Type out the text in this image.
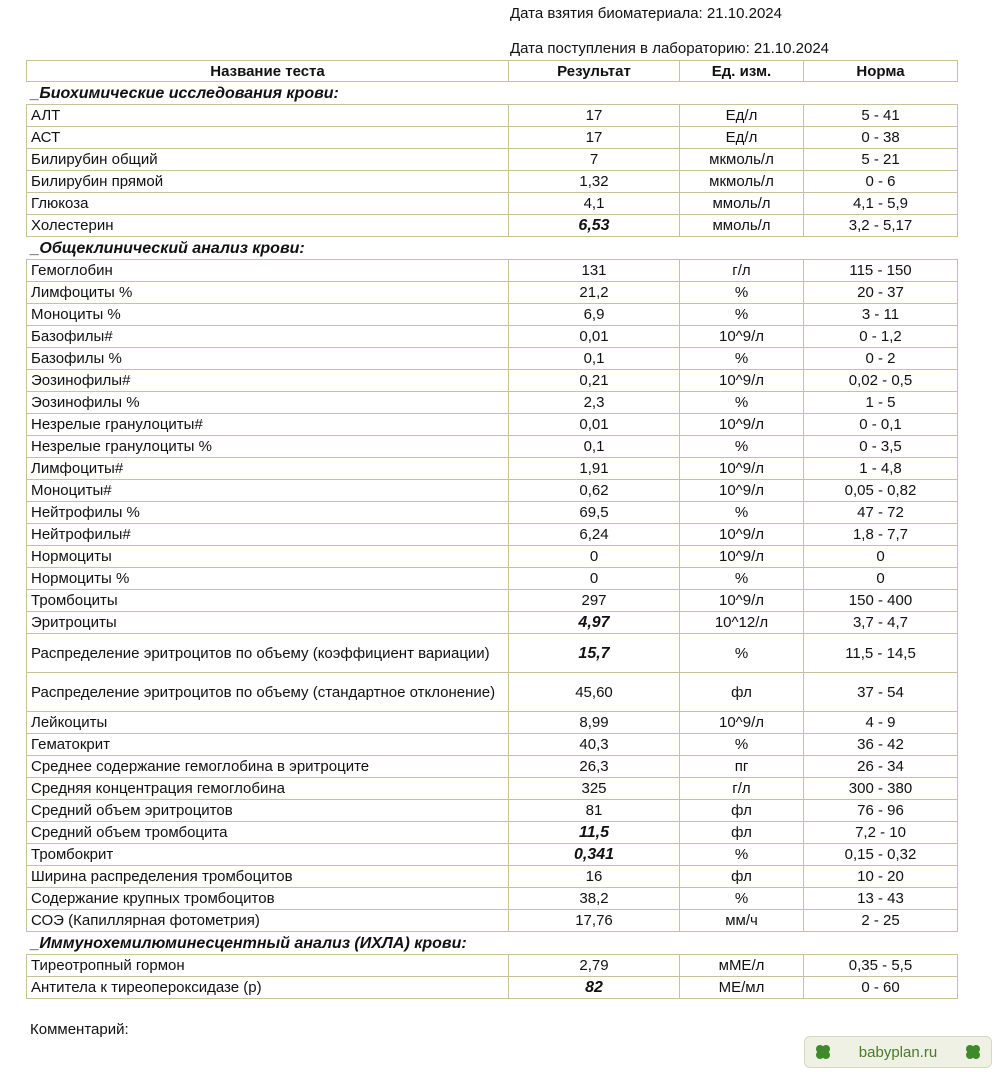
Дата взятия биоматериала: 21.10.2024
Дата поступления в лабораторию: 21.10.2024
Название теста	Результат	Ед. изм.	Норма
_Биохимические исследования крови:			
АЛТ	17	Ед/л	5 - 41
АСТ	17	Ед/л	0 - 38
Билирубин общий	7	мкмоль/л	5 - 21
Билирубин прямой	1,32	мкмоль/л	0 - 6
Глюкоза	4,1	ммоль/л	4,1 - 5,9
Холестерин	6,53	ммоль/л	3,2 - 5,17
_Общеклинический анализ крови:			
Гемоглобин	131	г/л	115 - 150
Лимфоциты %	21,2	%	20 - 37
Моноциты %	6,9	%	3 - 11
Базофилы#	0,01	10^9/л	0 - 1,2
Базофилы %	0,1	%	0 - 2
Эозинофилы#	0,21	10^9/л	0,02 - 0,5
Эозинофилы %	2,3	%	1 - 5
Незрелые гранулоциты#	0,01	10^9/л	0 - 0,1
Незрелые гранулоциты %	0,1	%	0 - 3,5
Лимфоциты#	1,91	10^9/л	1 - 4,8
Моноциты#	0,62	10^9/л	0,05 - 0,82
Нейтрофилы %	69,5	%	47 - 72
Нейтрофилы#	6,24	10^9/л	1,8 - 7,7
Нормоциты	0	10^9/л	0
Нормоциты %	0	%	0
Тромбоциты	297	10^9/л	150 - 400
Эритроциты	4,97	10^12/л	3,7 - 4,7
Распределение эритроцитов по объему (коэффициент вариации)	15,7	%	11,5 - 14,5
Распределение эритроцитов по объему (стандартное отклонение)	45,60	фл	37 - 54
Лейкоциты	8,99	10^9/л	4 - 9
Гематокрит	40,3	%	36 - 42
Среднее содержание гемоглобина в эритроците	26,3	пг	26 - 34
Средняя концентрация гемоглобина	325	г/л	300 - 380
Средний объем эритроцитов	81	фл	76 - 96
Средний объем тромбоцита	11,5	фл	7,2 - 10
Тромбокрит	0,341	%	0,15 - 0,32
Ширина распределения тромбоцитов	16	фл	10 - 20
Содержание крупных тромбоцитов	38,2	%	13 - 43
СОЭ (Капиллярная фотометрия)	17,76	мм/ч	2 - 25
_Иммунохемилюминесцентный анализ (ИХЛА) крови:			
Тиреотропный гормон	2,79	мМЕ/л	0,35 - 5,5
Антитела к тиреопероксидазе (р)	82	МЕ/мл	0 - 60
Комментарий:
babyplan.ru
